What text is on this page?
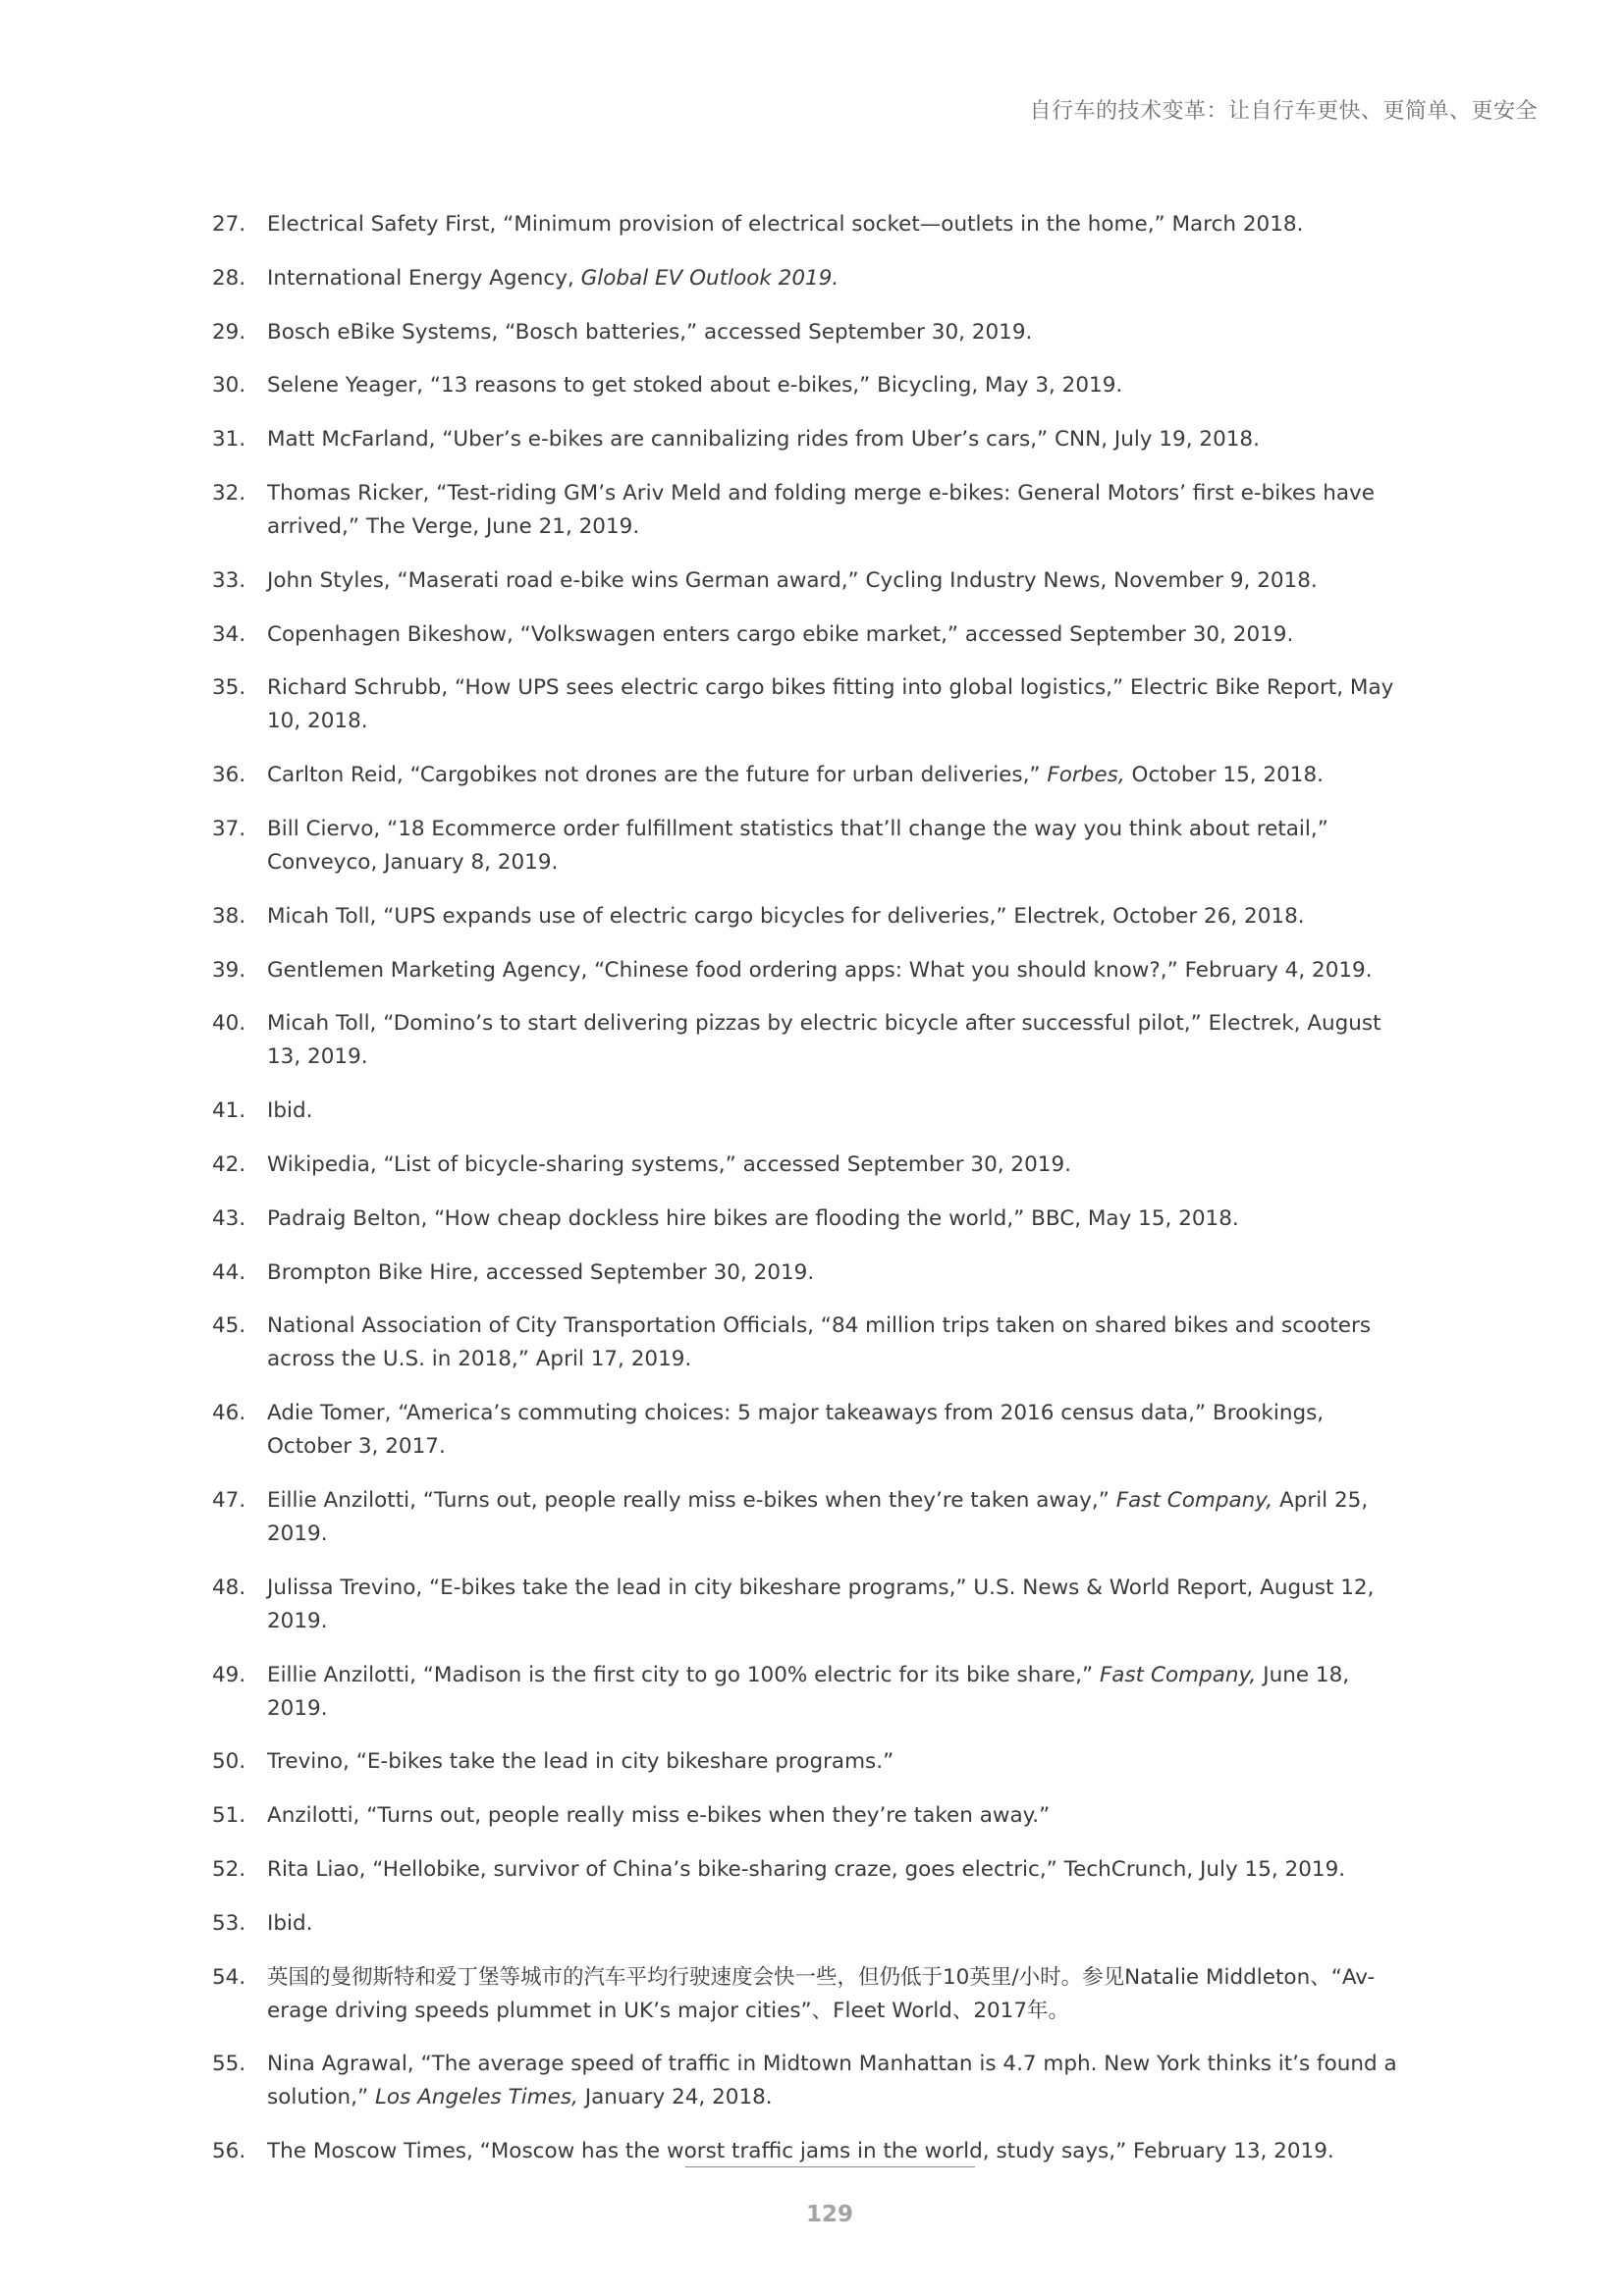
自行车的技术变革：让自行车更快、更简单、更安全
27.	Electrical Safety First, “Minimum provision of electrical socket—outlets in the home,” March 2018.
28.	International Energy Agency, Global EV Outlook 2019.
29.	Bosch eBike Systems, “Bosch batteries,” accessed September 30, 2019.
30.	Selene Yeager, “13 reasons to get stoked about e-bikes,” Bicycling, May 3, 2019.
31.	Matt McFarland, “Uber’s e-bikes are cannibalizing rides from Uber’s cars,” CNN, July 19, 2018.
32.	Thomas Ricker, “Test-riding GM’s Ariv Meld and folding merge e-bikes: General Motors’ first e-bikes have arrived,” The Verge, June 21, 2019.
33.	John Styles, “Maserati road e-bike wins German award,” Cycling Industry News, November 9, 2018.
34.	Copenhagen Bikeshow, “Volkswagen enters cargo ebike market,” accessed September 30, 2019.
35.	Richard Schrubb, “How UPS sees electric cargo bikes fitting into global logistics,” Electric Bike Report, May 10, 2018.
36.	Carlton Reid, “Cargobikes not drones are the future for urban deliveries,” Forbes, October 15, 2018.
37.	Bill Ciervo, “18 Ecommerce order fulfillment statistics that’ll change the way you think about retail,” Conveyco, January 8, 2019.
38.	Micah Toll, “UPS expands use of electric cargo bicycles for deliveries,” Electrek, October 26, 2018.
39.	Gentlemen Marketing Agency, “Chinese food ordering apps: What you should know?,” February 4, 2019.
40.	Micah Toll, “Domino’s to start delivering pizzas by electric bicycle after successful pilot,” Electrek, August 13, 2019.
41.	Ibid.
42.	Wikipedia, “List of bicycle-sharing systems,” accessed September 30, 2019.
43.	Padraig Belton, “How cheap dockless hire bikes are flooding the world,” BBC, May 15, 2018.
44.	Brompton Bike Hire, accessed September 30, 2019.
45.	National Association of City Transportation Officials, “84 million trips taken on shared bikes and scooters across the U.S. in 2018,” April 17, 2019.
46.	Adie Tomer, “America’s commuting choices: 5 major takeaways from 2016 census data,” Brookings, October 3, 2017.
47.	Eillie Anzilotti, “Turns out, people really miss e-bikes when they’re taken away,” Fast Company, April 25, 2019.
48.	Julissa Trevino, “E-bikes take the lead in city bikeshare programs,” U.S. News & World Report, August 12, 2019.
49.	Eillie Anzilotti, “Madison is the first city to go 100% electric for its bike share,” Fast Company, June 18, 2019.
50.	Trevino, “E-bikes take the lead in city bikeshare programs.”
51.	Anzilotti, “Turns out, people really miss e-bikes when they’re taken away.”
52.	Rita Liao, “Hellobike, survivor of China’s bike-sharing craze, goes electric,” TechCrunch, July 15, 2019.
53.	Ibid.
54.	英国的曼彻斯特和爱丁堡等城市的汽车平均行驶速度会快一些，但仍低于10英里/小时。参见Natalie Middleton、“Av-erage driving speeds plummet in UK’s major cities”、Fleet World、2017年。
55.	Nina Agrawal, “The average speed of traffic in Midtown Manhattan is 4.7 mph. New York thinks it’s found a solution,” Los Angeles Times, January 24, 2018.
56.	The Moscow Times, “Moscow has the worst traffic jams in the world, study says,” February 13, 2019.
129
